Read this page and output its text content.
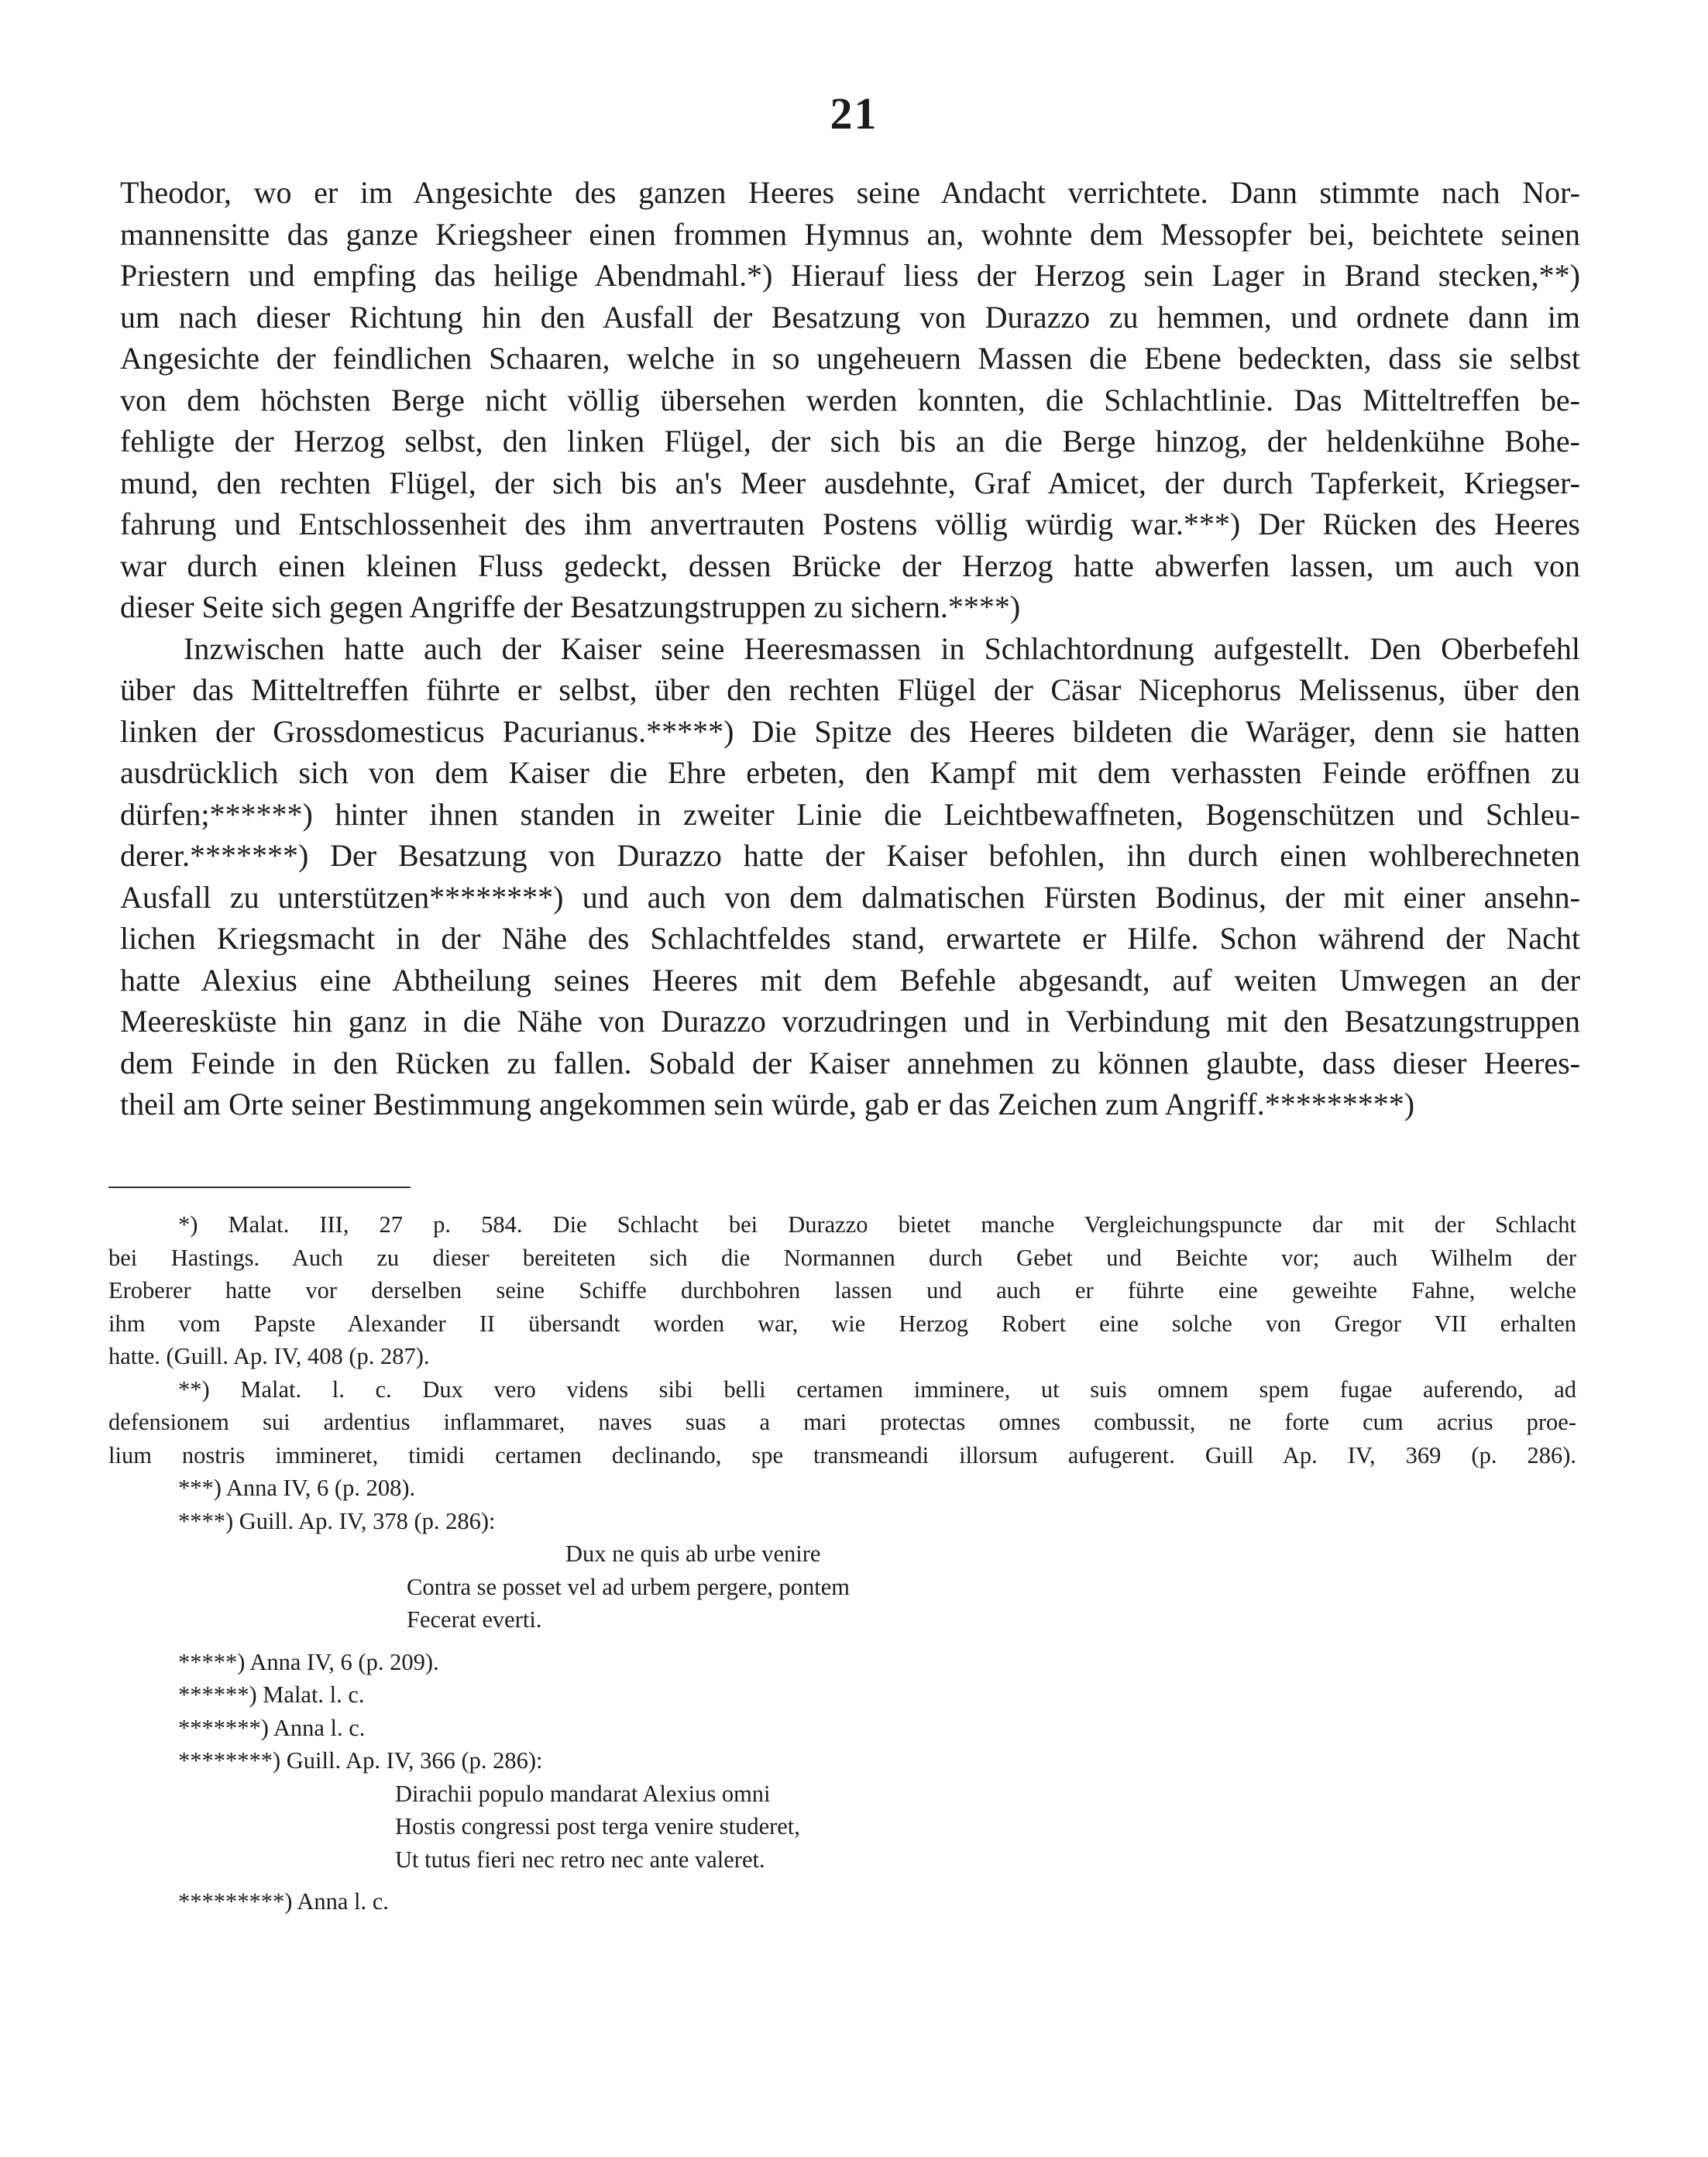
21
Theodor, wo er im Angesichte des ganzen Heeres seine Andacht verrichtete. Dann stimmte nach Nor-
mannensitte das ganze Kriegsheer einen frommen Hymnus an, wohnte dem Messopfer bei, beichtete seinen
Priestern und empfing das heilige Abendmahl.*) Hierauf liess der Herzog sein Lager in Brand stecken,**)
um nach dieser Richtung hin den Ausfall der Besatzung von Durazzo zu hemmen, und ordnete dann im
Angesichte der feindlichen Schaaren, welche in so ungeheuern Massen die Ebene bedeckten, dass sie selbst
von dem höchsten Berge nicht völlig übersehen werden konnten, die Schlachtlinie. Das Mitteltreffen be-
fehligte der Herzog selbst, den linken Flügel, der sich bis an die Berge hinzog, der heldenkühne Bohe-
mund, den rechten Flügel, der sich bis an's Meer ausdehnte, Graf Amicet, der durch Tapferkeit, Kriegser-
fahrung und Entschlossenheit des ihm anvertrauten Postens völlig würdig war.***) Der Rücken des Heeres
war durch einen kleinen Fluss gedeckt, dessen Brücke der Herzog hatte abwerfen lassen, um auch von
dieser Seite sich gegen Angriffe der Besatzungstruppen zu sichern.****)
Inzwischen hatte auch der Kaiser seine Heeresmassen in Schlachtordnung aufgestellt. Den Oberbefehl
über das Mitteltreffen führte er selbst, über den rechten Flügel der Cäsar Nicephorus Melissenus, über den
linken der Grossdomesticus Pacurianus.*****) Die Spitze des Heeres bildeten die Waräger, denn sie hatten
ausdrücklich sich von dem Kaiser die Ehre erbeten, den Kampf mit dem verhassten Feinde eröffnen zu
dürfen;******) hinter ihnen standen in zweiter Linie die Leichtbewaffneten, Bogenschützen und Schleu-
derer.*******) Der Besatzung von Durazzo hatte der Kaiser befohlen, ihn durch einen wohlberechneten
Ausfall zu unterstützen********) und auch von dem dalmatischen Fürsten Bodinus, der mit einer ansehn-
lichen Kriegsmacht in der Nähe des Schlachtfeldes stand, erwartete er Hilfe. Schon während der Nacht
hatte Alexius eine Abtheilung seines Heeres mit dem Befehle abgesandt, auf weiten Umwegen an der
Meeresküste hin ganz in die Nähe von Durazzo vorzudringen und in Verbindung mit den Besatzungstruppen
dem Feinde in den Rücken zu fallen. Sobald der Kaiser annehmen zu können glaubte, dass dieser Heeres-
theil am Orte seiner Bestimmung angekommen sein würde, gab er das Zeichen zum Angriff.*********)
*) Malat. III, 27 p. 584. Die Schlacht bei Durazzo bietet manche Vergleichungspuncte dar mit der Schlacht
bei Hastings. Auch zu dieser bereiteten sich die Normannen durch Gebet und Beichte vor; auch Wilhelm der
Eroberer hatte vor derselben seine Schiffe durchbohren lassen und auch er führte eine geweihte Fahne, welche
ihm vom Papste Alexander II übersandt worden war, wie Herzog Robert eine solche von Gregor VII erhalten
hatte. (Guill. Ap. IV, 408 (p. 287).
**) Malat. l. c. Dux vero videns sibi belli certamen imminere, ut suis omnem spem fugae auferendo, ad
defensionem sui ardentius inflammaret, naves suas a mari protectas omnes combussit, ne forte cum acrius proe-
lium nostris immineret, timidi certamen declinando, spe transmeandi illorsum aufugerent. Guill Ap. IV, 369 (p. 286).
***) Anna IV, 6 (p. 208).
****) Guill. Ap. IV, 378 (p. 286):
Dux ne quis ab urbe venire
Contra se posset vel ad urbem pergere, pontem
Fecerat everti.
*****) Anna IV, 6 (p. 209).
******) Malat. l. c.
*******) Anna l. c.
********) Guill. Ap. IV, 366 (p. 286):
Dirachii populo mandarat Alexius omni
Hostis congressi post terga venire studeret,
Ut tutus fieri nec retro nec ante valeret.
*********) Anna l. c.
